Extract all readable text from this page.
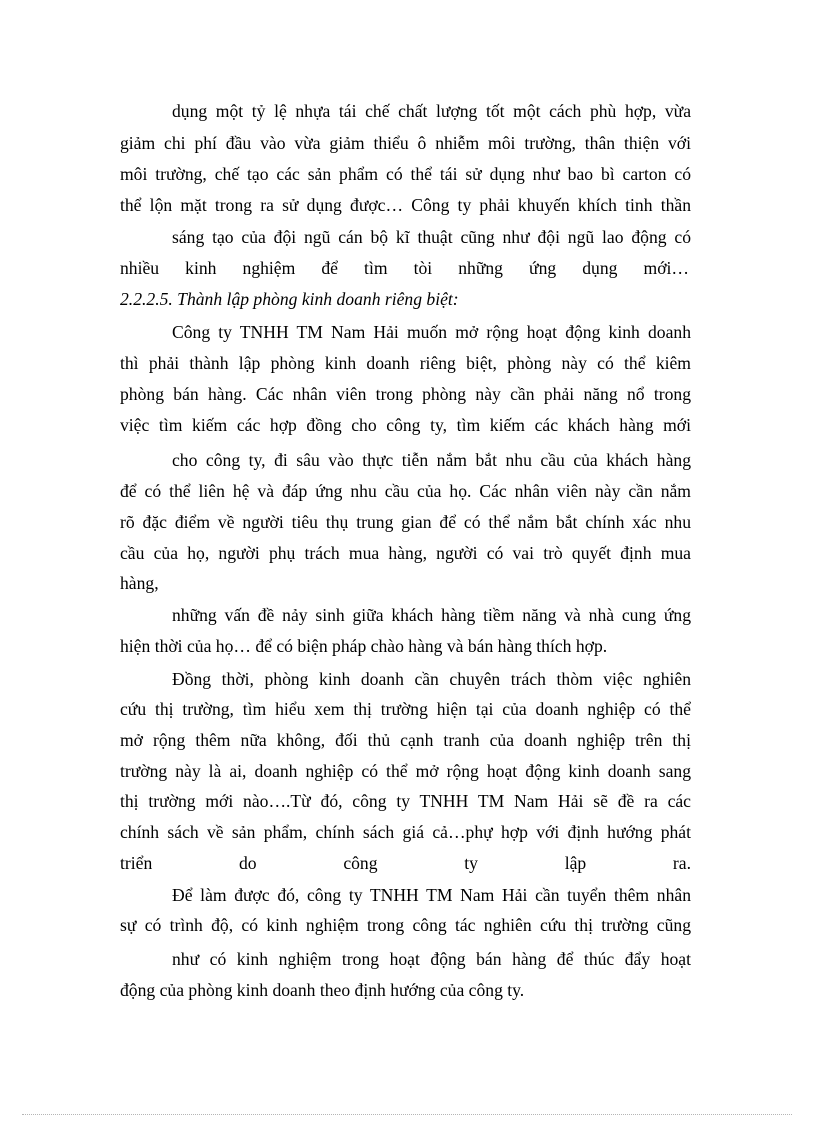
dụng một tỷ lệ nhựa tái chế chất lượng tốt một cách phù hợp, vừa
giảm chi phí đầu vào vừa giảm thiểu ô nhiễm môi trường, thân thiện với
môi trường, chế tạo các sản phẩm có thể tái sử dụng như bao bì carton có
thể lộn mặt trong ra sử dụng được… Công ty phải khuyến khích tinh thần
sáng tạo của đội ngũ cán bộ kĩ thuật cũng như đội ngũ lao động có
nhiều kinh nghiệm để tìm tòi những ứng dụng mới…
2.2.2.5. Thành lập phòng kinh doanh riêng biệt:
Công ty TNHH TM Nam Hải muốn mở rộng hoạt động kinh doanh
thì phải thành lập phòng kinh doanh riêng biệt, phòng này có thể kiêm
phòng bán hàng. Các nhân viên trong phòng này cần phải năng nổ trong
việc tìm kiếm các hợp đồng cho công ty, tìm kiếm các khách hàng mới
cho công ty, đi sâu vào thực tiễn nắm bắt nhu cầu của khách hàng
để có thể liên hệ và đáp ứng nhu cầu của họ. Các nhân viên này cần nắm
rõ đặc điểm về người tiêu thụ trung gian để có thể nắm bắt chính xác nhu
cầu của họ, người phụ trách mua hàng, người có vai trò quyết định mua
hàng,
những vấn đề nảy sinh giữa khách hàng tiềm năng và nhà cung ứng
hiện thời của họ… để có biện pháp chào hàng và bán hàng thích hợp.
Đồng thời, phòng kinh doanh cần chuyên trách thòm việc nghiên
cứu thị trường, tìm hiểu xem thị trường hiện tại của doanh nghiệp có thể
mở rộng thêm nữa không, đối thủ cạnh tranh của doanh nghiệp trên thị
trường này là ai, doanh nghiệp có thể mở rộng hoạt động kinh doanh sang
thị trường mới nào….Từ đó, công ty TNHH TM Nam Hải sẽ đề ra các
chính sách về sản phẩm, chính sách giá cả…phự hợp với định hướng phát
triển do công ty lập ra.
Để làm được đó, công ty TNHH TM Nam Hải cần tuyển thêm nhân
sự có trình độ, có kinh nghiệm trong công tác nghiên cứu thị trường cũng
như có kinh nghiệm trong hoạt động bán hàng để thúc đẩy hoạt
động của phòng kinh doanh theo định hướng của công ty.
